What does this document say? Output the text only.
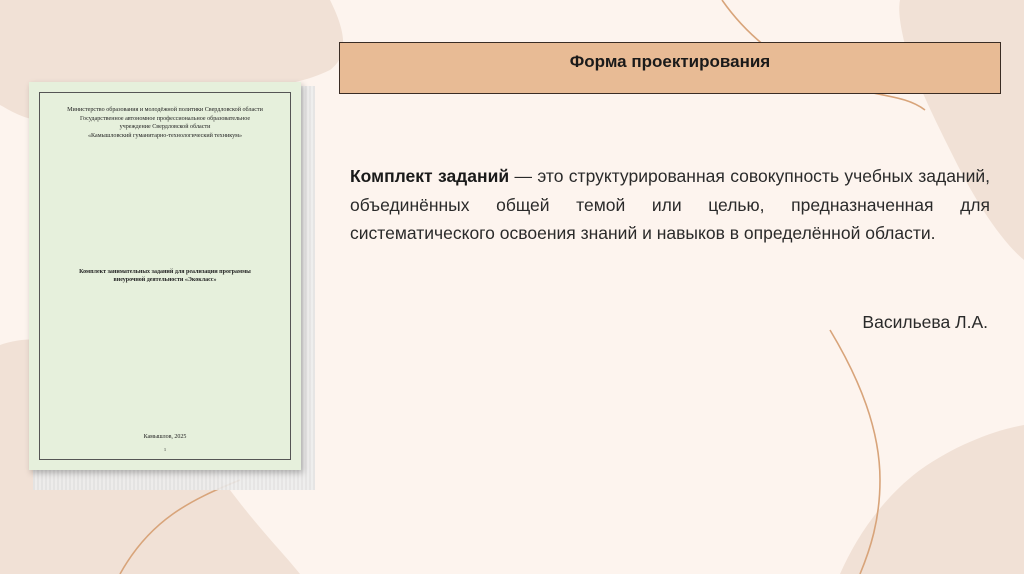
Министерство образования и молодёжной политики Свердловской области
Государственное автономное профессиональное образовательное
учреждение Свердловской области
«Камышловский гуманитарно-технологический техникум»
Комплект занимательных заданий для реализации программы
внеурочной деятельности «Экокласс»
Камышлов, 2025
1
Форма проектирования
Комплект заданий — это структурированная совокупность учебных заданий, объединённых общей темой или целью, предназначенная для систематического освоения знаний и навыков в определённой области.
Васильева Л.А.
